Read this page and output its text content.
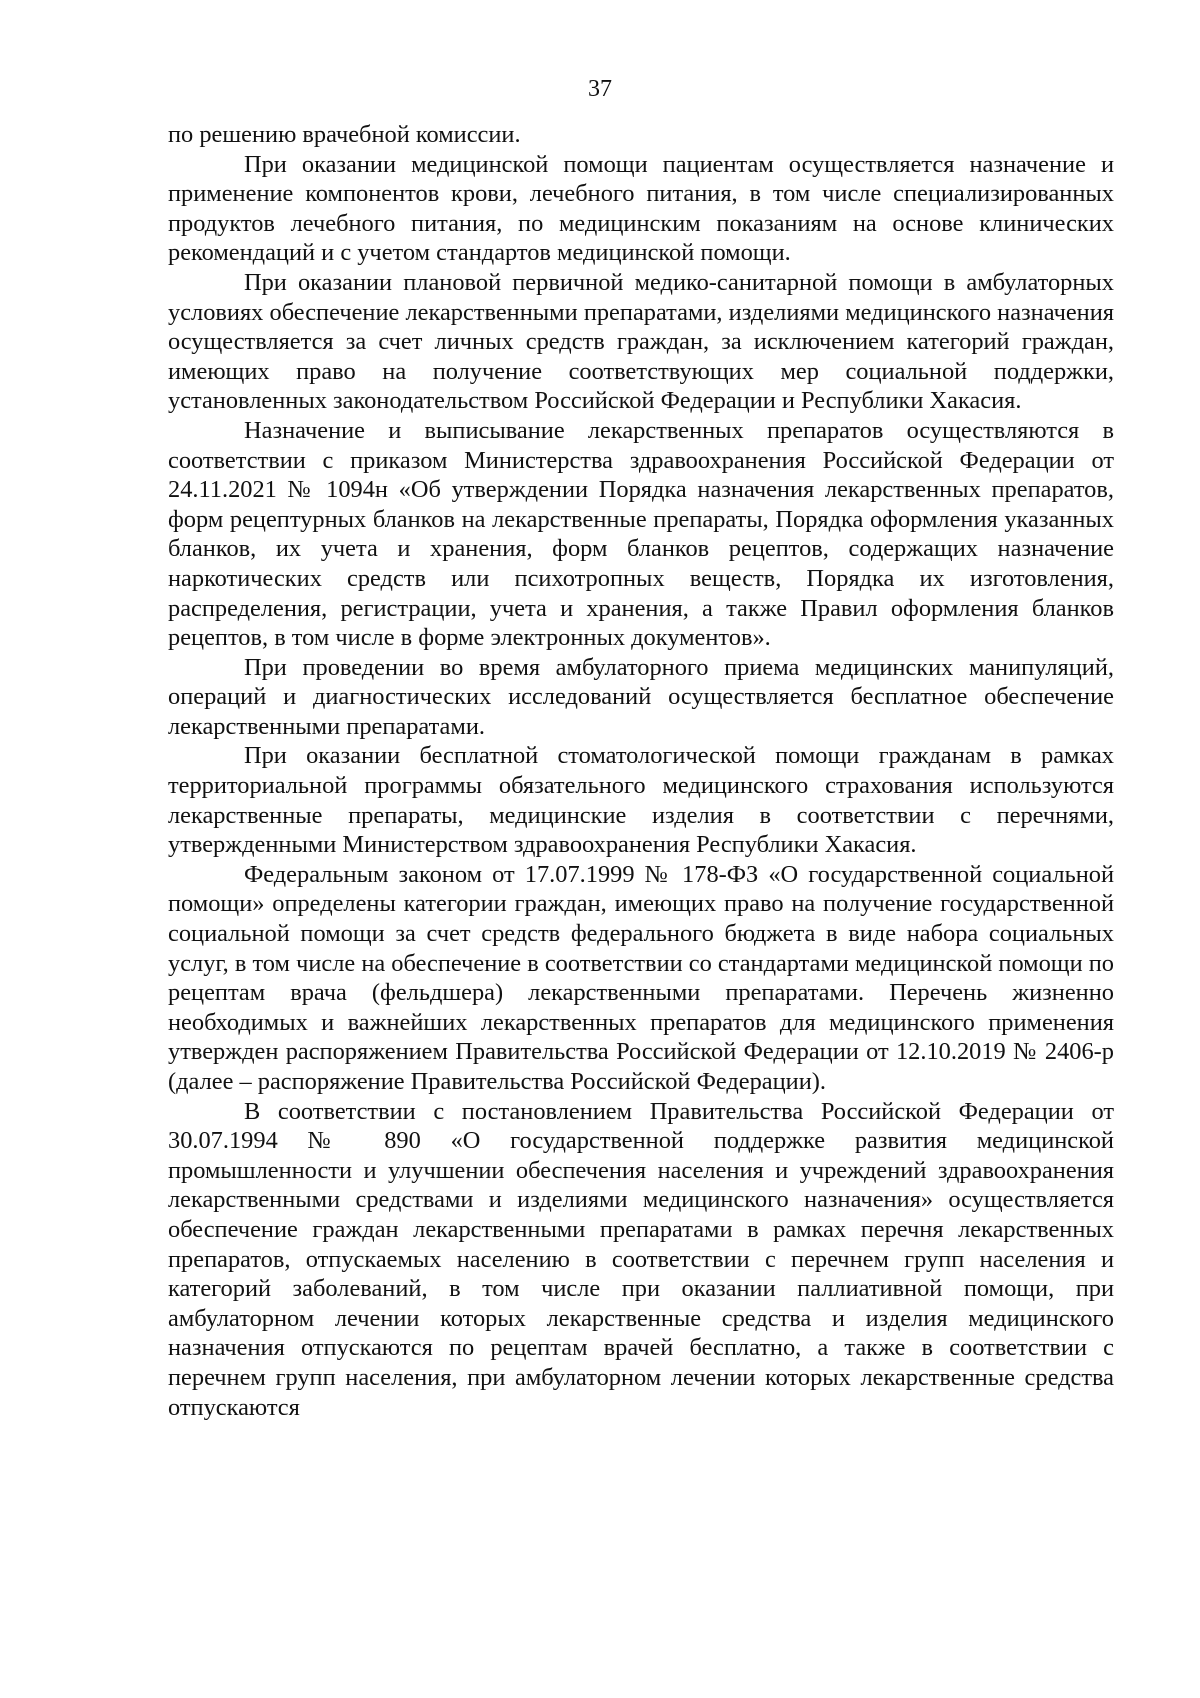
37

по решению врачебной комиссии.

При оказании медицинской помощи пациентам осуществляется назначение и применение компонентов крови, лечебного питания, в том числе специализированных продуктов лечебного питания, по медицинским показаниям на основе клинических рекомендаций и с учетом стандартов медицинской помощи.

При оказании плановой первичной медико-санитарной помощи в амбулаторных условиях обеспечение лекарственными препаратами, изделиями медицинского назначения осуществляется за счет личных средств граждан, за исключением категорий граждан, имеющих право на получение соответствующих мер социальной поддержки, установленных законодательством Российской Федерации и Республики Хакасия.

Назначение и выписывание лекарственных препаратов осуществляются в соответствии с приказом Министерства здравоохранения Российской Федерации от 24.11.2021 № 1094н «Об утверждении Порядка назначения лекарственных препаратов, форм рецептурных бланков на лекарственные препараты, Порядка оформления указанных бланков, их учета и хранения, форм бланков рецептов, содержащих назначение наркотических средств или психотропных веществ, Порядка их изготовления, распределения, регистрации, учета и хранения, а также Правил оформления бланков рецептов, в том числе в форме электронных документов».

При проведении во время амбулаторного приема медицинских манипуляций, операций и диагностических исследований осуществляется бесплатное обеспечение лекарственными препаратами.

При оказании бесплатной стоматологической помощи гражданам в рамках территориальной программы обязательного медицинского страхования используются лекарственные препараты, медицинские изделия в соответствии с перечнями, утвержденными Министерством здравоохранения Республики Хакасия.

Федеральным законом от 17.07.1999 № 178-ФЗ «О государственной социальной помощи» определены категории граждан, имеющих право на получение государственной социальной помощи за счет средств федерального бюджета в виде набора социальных услуг, в том числе на обеспечение в соответствии со стандартами медицинской помощи по рецептам врача (фельдшера) лекарственными препаратами. Перечень жизненно необходимых и важнейших лекарственных препаратов для медицинского применения утвержден распоряжением Правительства Российской Федерации от 12.10.2019 № 2406-р (далее – распоряжение Правительства Российской Федерации).

В соответствии с постановлением Правительства Российской Федерации от 30.07.1994 № 890 «О государственной поддержке развития медицинской промышленности и улучшении обеспечения населения и учреждений здравоохранения лекарственными средствами и изделиями медицинского назначения» осуществляется обеспечение граждан лекарственными препаратами в рамках перечня лекарственных препаратов, отпускаемых населению в соответствии с перечнем групп населения и категорий заболеваний, в том числе при оказании паллиативной помощи, при амбулаторном лечении которых лекарственные средства и изделия медицинского назначения отпускаются по рецептам врачей бесплатно, а также в соответствии с перечнем групп населения, при амбулаторном лечении которых лекарственные средства отпускаются
